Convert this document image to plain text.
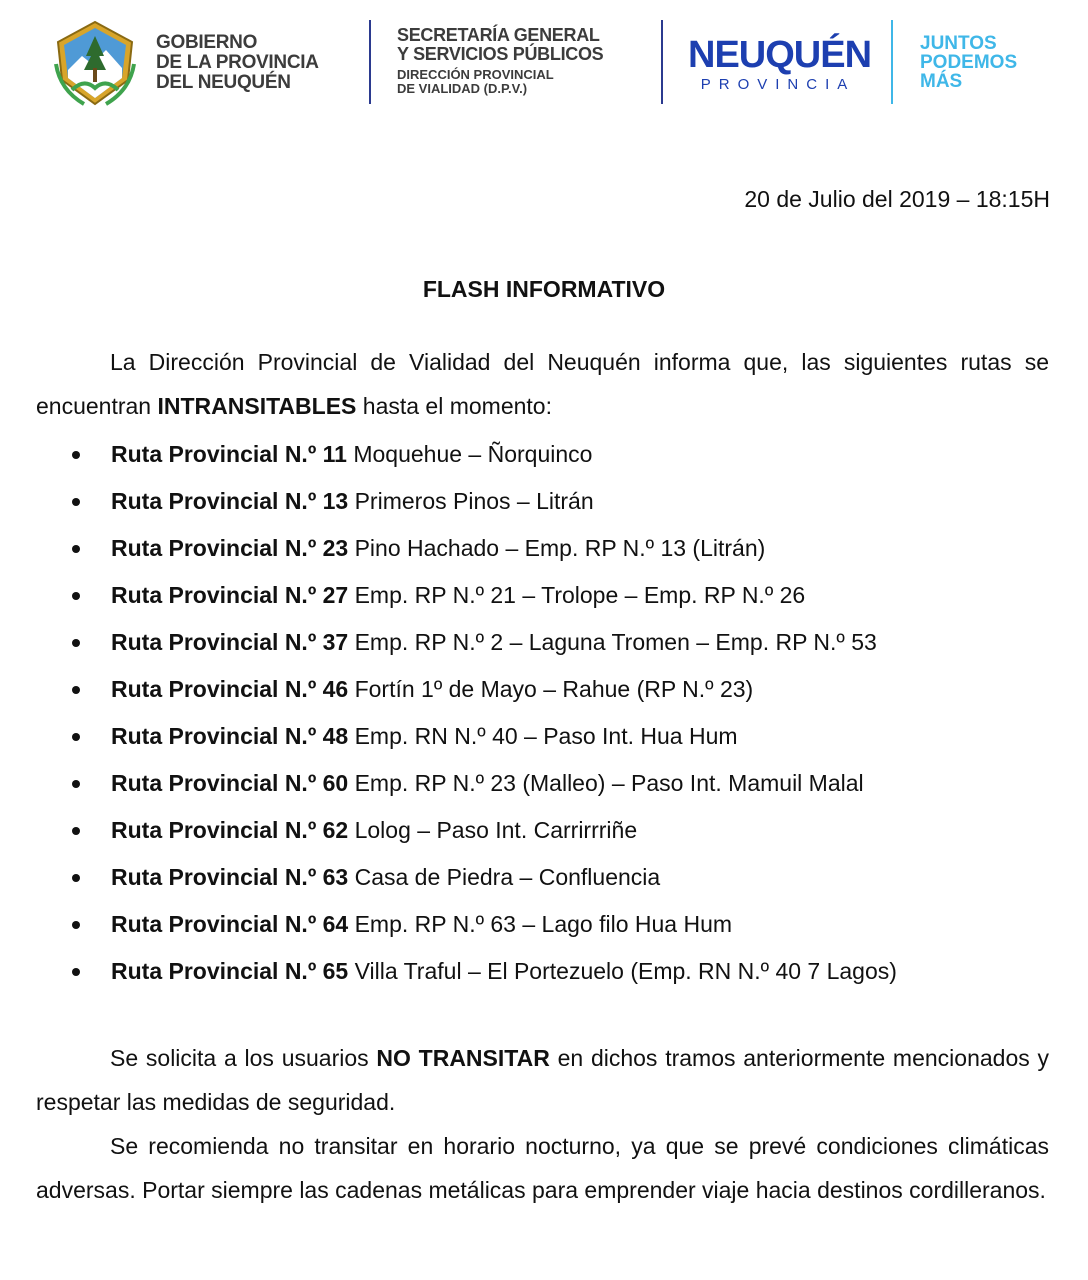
GOBIERNO
DE LA PROVINCIA
DEL NEUQUÉN
SECRETARÍA GENERAL
Y SERVICIOS PÚBLICOS
DIRECCIÓN PROVINCIAL
DE VIALIDAD (D.P.V.)
NEUQUÉN
PROVINCIA
JUNTOS
PODEMOS
MÁS
20 de Julio del 2019 – 18:15H
FLASH INFORMATIVO

La Dirección Provincial de Vialidad del Neuquén informa que, las siguientes rutas se encuentran INTRANSITABLES hasta el momento:

Ruta Provincial N.º 11 Moquehue – Ñorquinco
Ruta Provincial N.º 13 Primeros Pinos – Litrán
Ruta Provincial N.º 23 Pino Hachado – Emp. RP N.º 13 (Litrán)
Ruta Provincial N.º 27 Emp. RP N.º 21 – Trolope – Emp. RP N.º 26
Ruta Provincial N.º 37 Emp. RP N.º 2 – Laguna Tromen – Emp. RP N.º 53
Ruta Provincial N.º 46 Fortín 1º de Mayo – Rahue (RP N.º 23)
Ruta Provincial N.º 48 Emp. RN N.º 40 – Paso Int. Hua Hum
Ruta Provincial N.º 60 Emp. RP N.º 23 (Malleo) – Paso Int. Mamuil Malal
Ruta Provincial N.º 62 Lolog – Paso Int. Carrirrriñe
Ruta Provincial N.º 63 Casa de Piedra – Confluencia
Ruta Provincial N.º 64 Emp. RP N.º 63 – Lago filo Hua Hum
Ruta Provincial N.º 65 Villa Traful – El Portezuelo (Emp. RN N.º 40 7 Lagos)

Se solicita a los usuarios NO TRANSITAR en dichos tramos anteriormente mencionados y respetar las medidas de seguridad.

Se recomienda no transitar en horario nocturno, ya que se prevé condiciones climáticas adversas. Portar siempre las cadenas metálicas para emprender viaje hacia destinos cordilleranos.
